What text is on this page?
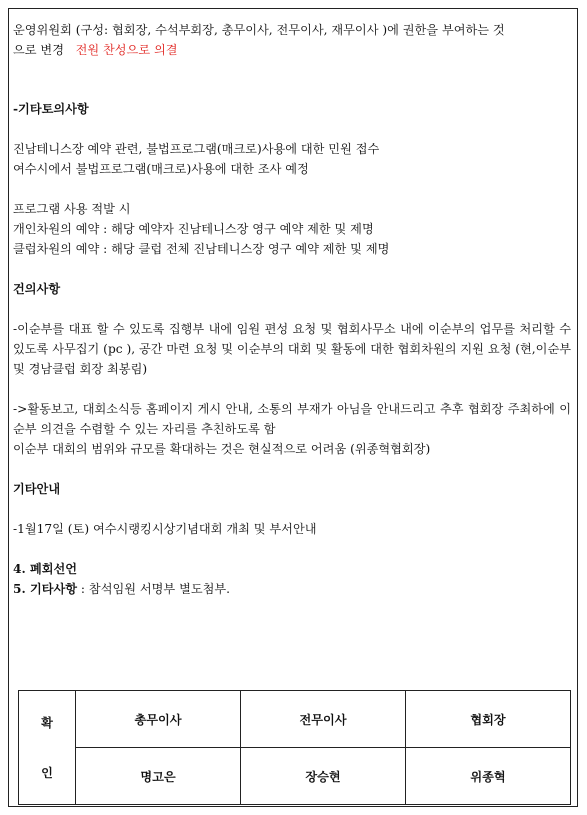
운영위원회 (구성: 협회장, 수석부회장, 총무이사, 전무이사, 재무이사 )에 권한을 부여하는 것
으로 변경 전원 찬성으로 의결
-기타토의사항
진남테니스장 예약 관련, 불법프로그램(매크로)사용에 대한 민원 접수
여수시에서 불법프로그램(매크로)사용에 대한 조사 예정
프로그램 사용 적발 시
개인차원의 예약 : 해당 예약자 진남테니스장 영구 예약 제한 및 제명
클럽차원의 예약 : 해당 클럽 전체 진남테니스장 영구 예약 제한 및 제명
건의사항
-이순부를 대표 할 수 있도록 집행부 내에 임원 편성 요청 및 협회사무소 내에 이순부의 업무를 처리할 수 있도록 사무집기 (pc ), 공간 마련 요청 및 이순부의 대회 및 활동에 대한 협회차원의 지원 요청 (현,이순부 및 경남클럽 회장 최봉림)
->활동보고, 대회소식등 홈페이지 게시 안내, 소통의 부재가 아님을 안내드리고 추후 협회장 주최하에 이순부 의견을 수렴할 수 있는 자리를 추친하도록 함
이순부 대회의 범위와 규모를 확대하는 것은 현실적으로 어려움 (위종혁협회장)
기타안내
-1월17일 (토) 여수시랭킹시상기념대회 개최 및 부서안내
4. 폐회선언
5. 기타사항 : 참석임원 서명부 별도첨부.
확
인	총무이사	전무이사	협회장
	명고은	장승현	위종혁
